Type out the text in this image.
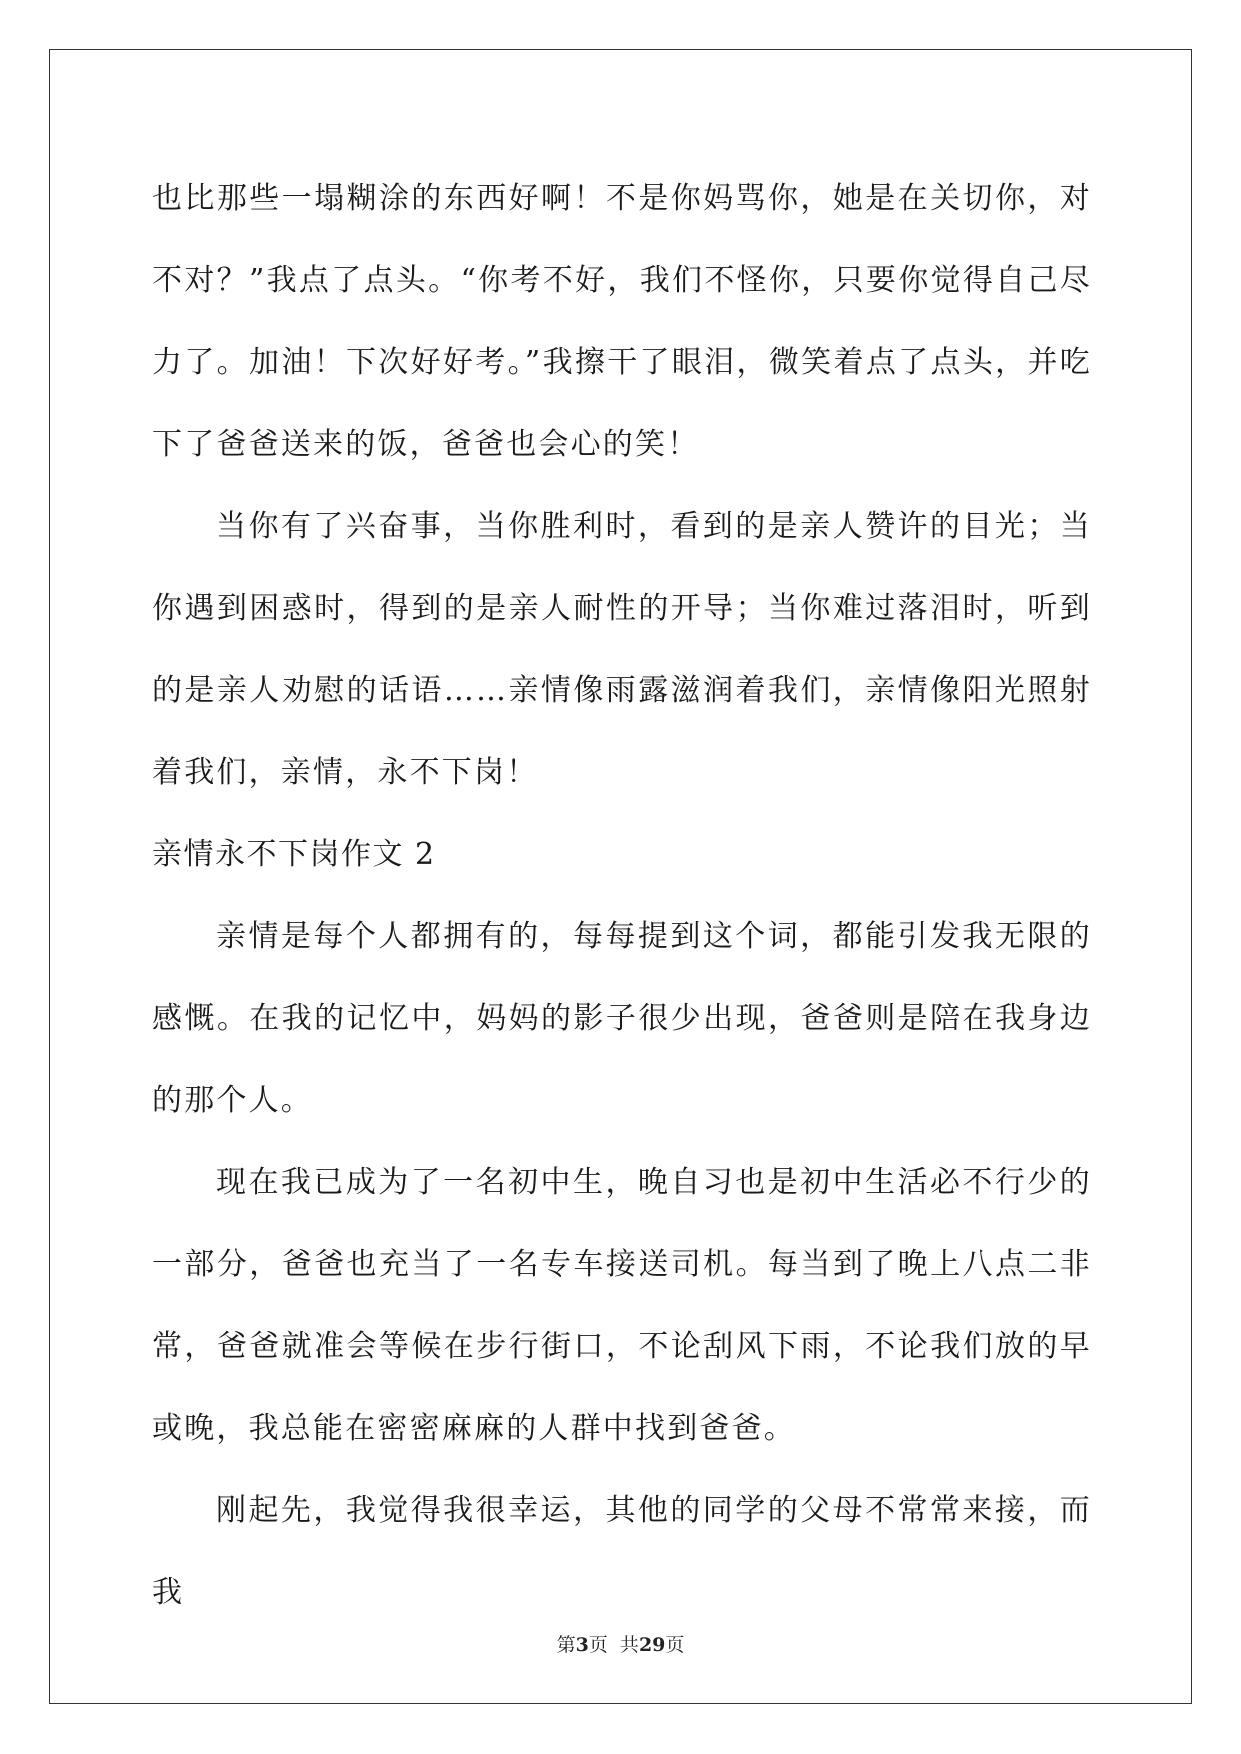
也比那些一塌糊涂的东西好啊！不是你妈骂你，她是在关切你，对不对？”我点了点头。“你考不好，我们不怪你，只要你觉得自己尽力了。加油！下次好好考。”我擦干了眼泪，微笑着点了点头，并吃下了爸爸送来的饭，爸爸也会心的笑！

当你有了兴奋事，当你胜利时，看到的是亲人赞许的目光；当你遇到困惑时，得到的是亲人耐性的开导；当你难过落泪时，听到的是亲人劝慰的话语……亲情像雨露滋润着我们，亲情像阳光照射着我们，亲情，永不下岗！

亲情永不下岗作文 2

亲情是每个人都拥有的，每每提到这个词，都能引发我无限的感慨。在我的记忆中，妈妈的影子很少出现，爸爸则是陪在我身边的那个人。

现在我已成为了一名初中生，晚自习也是初中生活必不行少的一部分，爸爸也充当了一名专车接送司机。每当到了晚上八点二非常，爸爸就准会等候在步行街口，不论刮风下雨，不论我们放的早或晚，我总能在密密麻麻的人群中找到爸爸。

刚起先，我觉得我很幸运，其他的同学的父母不常常来接，而我

第3页  共29页
